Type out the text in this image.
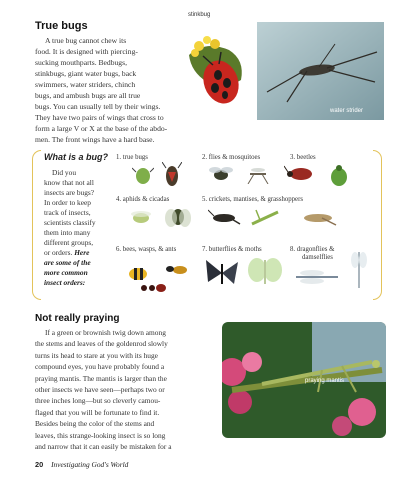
True bugs
A true bug cannot chew its
food. It is designed with piercing-
sucking mouthparts. Bedbugs,
stinkbugs, giant water bugs, back
swimmers, water striders, chinch
bugs, and ambush bugs are all true
bugs. You can usually tell by their wings.
They have two pairs of wings that cross to
form a large V or X at the base of the abdo-
men. The front wings have a hard base.
stinkbug
water strider
What is a bug?
Did you
know that not all
insects are bugs?
In order to keep
track of insects,
scientists classify
them into many
different groups,
or orders. Here
are some of the
more common
insect orders:
1. true bugs	2. flies & mosquitoes	3. beetles
4. aphids & cicadas	5. crickets, mantises, & grasshoppers
6. bees, wasps, & ants	7. butterflies & moths	8. dragonflies &
damselflies
Not really praying
If a green or brownish twig down among
the stems and leaves of the goldenrod slowly
turns its head to stare at you with its huge
compound eyes, you have probably found a
praying mantis. The mantis is larger than the
other insects we have seen—perhaps two or
three inches long—but so cleverly camou-
flaged that you will be fortunate to find it.
Besides being the color of the stems and
leaves, this strange-looking insect is so long
and narrow that it can easily be mistaken for a
praying mantis
20 Investigating God's World
